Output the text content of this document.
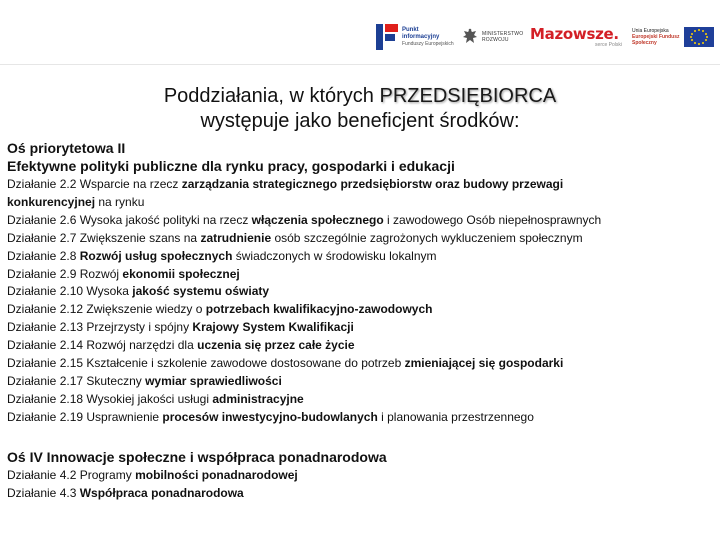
Punkt
informacyjny
Funduszy Europejskich
MINISTERSTWO
ROZWOJU	Mazowsze.
serce Polski
Unia Europejska
Europejski Fundusz
Społeczny
Poddziałania, w których PRZEDSIĘBIORCA
występuje jako beneficjent środków:
Oś priorytetowa II
Efektywne polityki publiczne dla rynku pracy, gospodarki i edukacji
Działanie 2.2 Wsparcie na rzecz zarządzania strategicznego przedsiębiorstw oraz budowy przewagi
konkurencyjnej na rynku
Działanie 2.6 Wysoka jakość polityki na rzecz włączenia społecznego i zawodowego Osób niepełnosprawnych
Działanie 2.7 Zwiększenie szans na zatrudnienie osób szczególnie zagrożonych wykluczeniem społecznym
Działanie 2.8 Rozwój usług społecznych świadczonych w środowisku lokalnym
Działanie 2.9 Rozwój ekonomii społecznej
Działanie 2.10 Wysoka jakość systemu oświaty
Działanie 2.12 Zwiększenie wiedzy o potrzebach kwalifikacyjno-zawodowych
Działanie 2.13 Przejrzysty i spójny Krajowy System Kwalifikacji
Działanie 2.14 Rozwój narzędzi dla uczenia się przez całe życie
Działanie 2.15 Kształcenie i szkolenie zawodowe dostosowane do potrzeb zmieniającej się gospodarki
Działanie 2.17 Skuteczny wymiar sprawiedliwości
Działanie 2.18 Wysokiej jakości usługi administracyjne
Działanie 2.19 Usprawnienie procesów inwestycyjno-budowlanych i planowania przestrzennego
Oś IV Innowacje społeczne i współpraca ponadnarodowa
Działanie 4.2 Programy mobilności ponadnarodowej
Działanie 4.3 Współpraca ponadnarodowa
